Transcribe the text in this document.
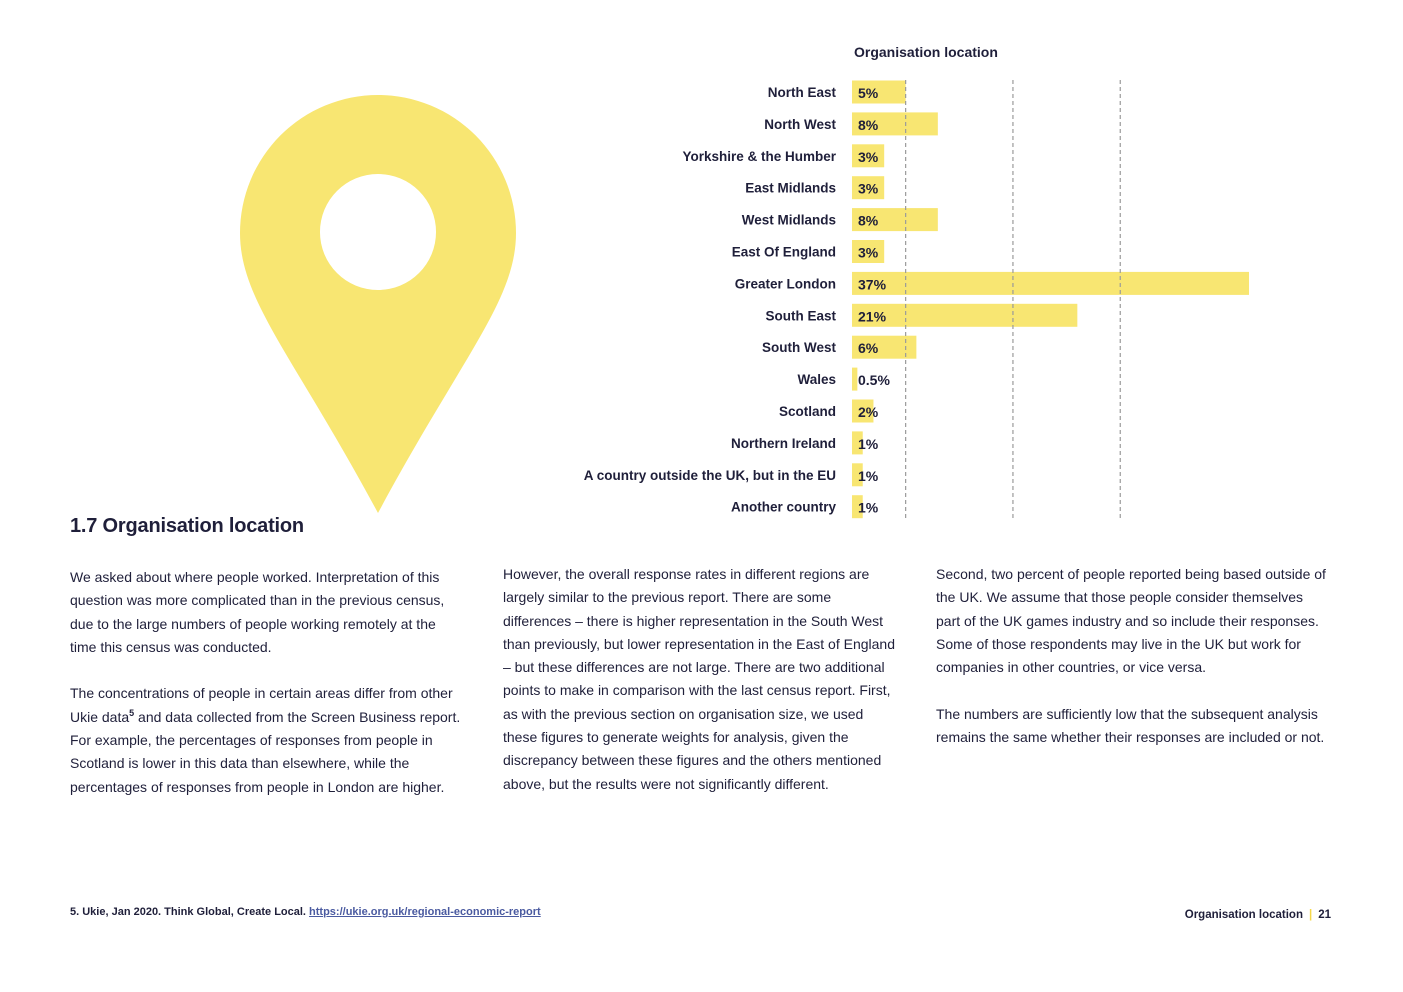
Organisation location
North East 5%
North West 8%
Yorkshire & the Humber 3%
East Midlands 3%
West Midlands 8%
East Of England 3%
Greater London 37%
South East 21%
South West 6%
Wales 0.5%
Scotland 2%
Northern Ireland 1%
A country outside the UK, but in the EU 1%
Another country 1%
1.7 Organisation location

We asked about where people worked. Interpretation of this question was more complicated than in the previous census, due to the large numbers of people working remotely at the time this census was conducted.

The concentrations of people in certain areas differ from other Ukie data$^5$ and data collected from the Screen Business report. For example, the percentages of responses from people in Scotland is lower in this data than elsewhere, while the percentages of responses from people in London are higher.

However, the overall response rates in different regions are largely similar to the previous report. There are some differences – there is higher representation in the South West than previously, but lower representation in the East of England – but these differences are not large. There are two additional points to make in comparison with the last census report. First, as with the previous section on organisation size, we used these figures to generate weights for analysis, given the discrepancy between these figures and the others mentioned above, but the results were not significantly different.

Second, two percent of people reported being based outside of the UK. We assume that those people consider themselves part of the UK games industry and so include their responses. Some of those respondents may live in the UK but work for companies in other countries, or vice versa.

The numbers are sufficiently low that the subsequent analysis remains the same whether their responses are included or not.

5. Ukie, Jan 2020. Think Global, Create Local. https://ukie.org.uk/regional-economic-report	Organisation location | 21
